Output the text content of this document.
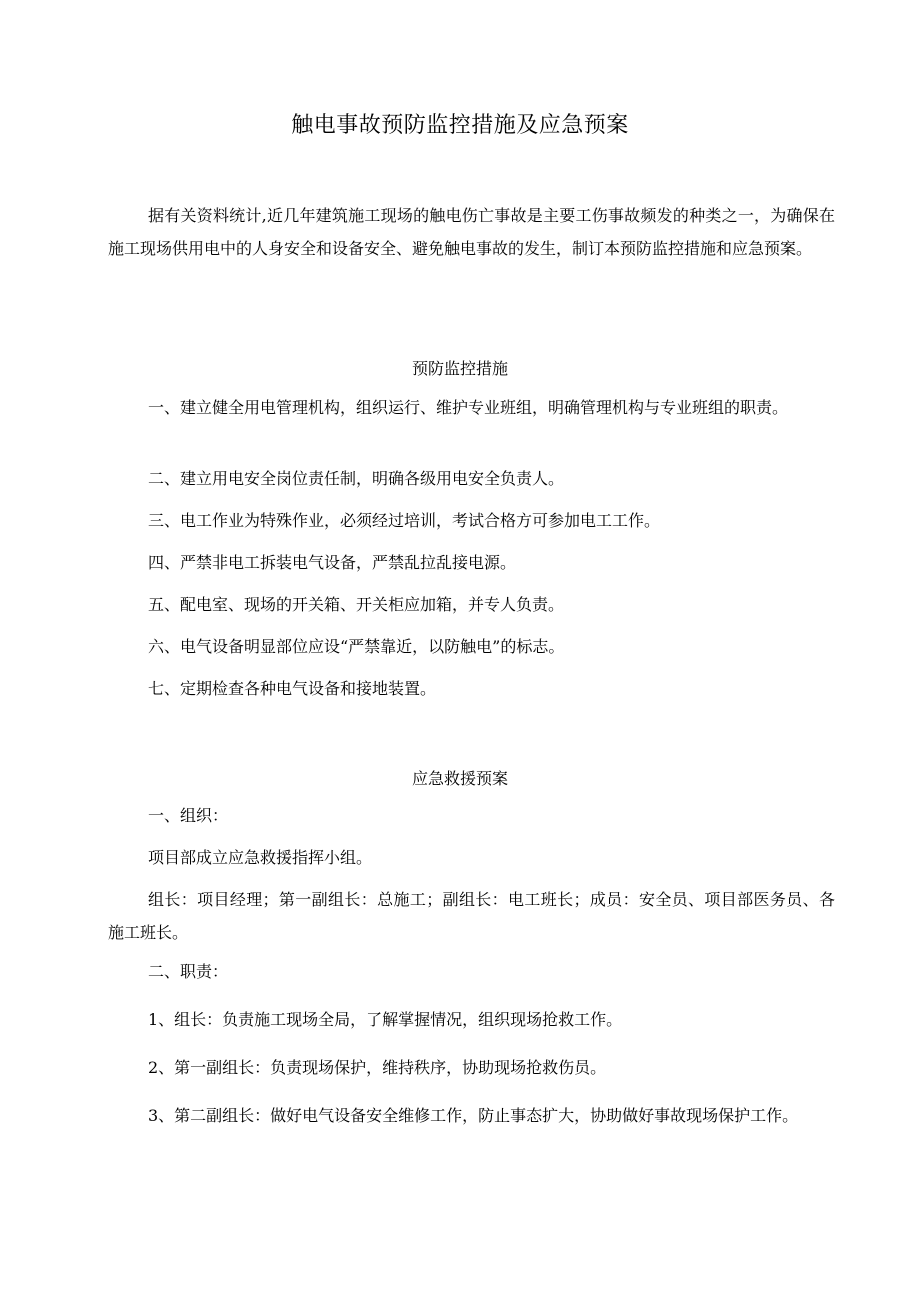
触电事故预防监控措施及应急预案

据有关资料统计,近几年建筑施工现场的触电伤亡事故是主要工伤事故频发的种类之一，为确保在施工现场供用电中的人身安全和设备安全、避免触电事故的发生，制订本预防监控措施和应急预案。

预防监控措施

一、建立健全用电管理机构，组织运行、维护专业班组，明确管理机构与专业班组的职责。

二、建立用电安全岗位责任制，明确各级用电安全负责人。

三、电工作业为特殊作业，必须经过培训，考试合格方可参加电工工作。

四、严禁非电工拆装电气设备，严禁乱拉乱接电源。

五、配电室、现场的开关箱、开关柜应加箱，并专人负责。

六、电气设备明显部位应设“严禁靠近，以防触电”的标志。

七、定期检查各种电气设备和接地装置。

应急救援预案

一、组织：

项目部成立应急救援指挥小组。

组长：项目经理；第一副组长：总施工；副组长：电工班长；成员：安全员、项目部医务员、各施工班长。

二、职责：

1、组长：负责施工现场全局，了解掌握情况，组织现场抢救工作。

2、第一副组长：负责现场保护，维持秩序，协助现场抢救伤员。

3、第二副组长：做好电气设备安全维修工作，防止事态扩大，协助做好事故现场保护工作。
